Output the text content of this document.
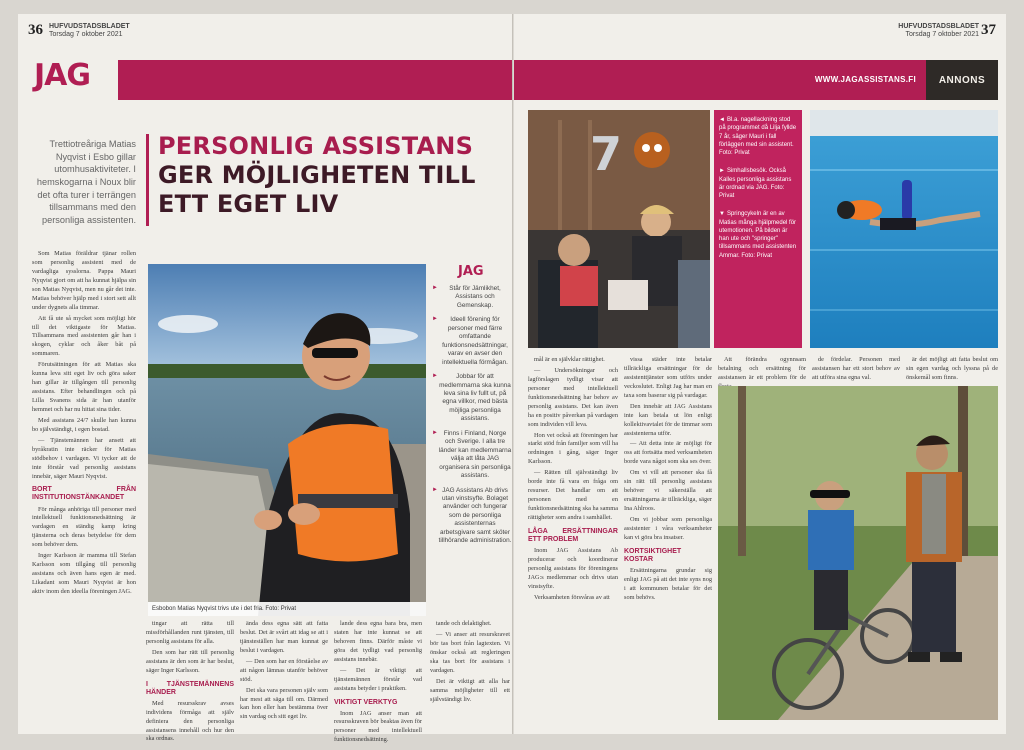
36 HUFVUDSTADSBLADET
Torsdag 7 oktober 2021
JAG
Trettiotreåriga Matias Nyqvist i Esbo gillar utomhusaktiviteter. I hemskogarna i Noux blir det ofta turer i terrängen tillsammans med den personliga assistenten.
PERSONLIG ASSISTANS
GER MÖJLIGHETEN TILL
ETT EGET LIV

Som Matias föräldrar tjänar rollen som personlig assistent med de vardagliga sysslorna. Pappa Mauri Nyqvist gjort om att ha kunnat hjälpa sin son Matias Nyqvist, men nu går det inte. Matias behöver hjälp med i stort sett allt under dygnets alla timmar.

Att få ute så mycket som möjligt hör till det viktigaste för Matias. Tillsammans med assistenten går han i skogen, cyklar och åker båt på sommaren.

Förutsättningen för att Matias ska kunna leva sitt eget liv och göra saker han gillar är tillgången till personlig assistans. Efter behandlingen och på Lilla Svanens sida är han utanför hemmet och har nu hittat sina tider.

Med assistans 24/7 skulle han kunna bo självständigt, i egen bostad.

— Tjänstemännen har ansett att byråkratin inte räcker för Matias stödbehov i vardagen. Vi tycker att de inte förstår vad personlig assistans innebär, säger Mauri Nyqvist.

BORT FRÅN INSTITUTIONSTÄNKANDET

För många anhöriga till personer med intellektuell funktionsnedsättning är vardagen en ständig kamp kring tjänsterna och deras betydelse för dem som behöver dem.

Inger Karlsson är mamma till Stefan Karlsson som tillgång till personlig assistans och även hans egen är med. Likadant som Mauri Nyqvist är hon aktiv inom den ideella föreningen JAG.

Esbobon Matias Nyqvist trivs ute i det fria. Foto: Privat
JAG
► Står för Jämlikhet, Assistans och Gemenskap.
► Ideell förening för personer med färre omfattande funktionsnedsättningar, varav en avser den intellektuella förmågan.
►	Jobbar för att medlemmarna ska kunna leva sina liv fullt ut, på egna villkor, med bästa möjliga personliga assistans.
► Finns i Finland, Norge och Sverige. I alla tre länder kan medlemmarna välja att låta JAG organisera sin personliga assistans.
► JAG Assistans Ab drivs utan vinstsyfte. Bolaget använder och fungerar som de personliga assistenternas arbetsgivare samt sköter tillhörande administration.

tingar att rätta till missförhållanden runt tjänsten, till personlig assistans för alla.

Den som har rätt till personlig assistans är den som är har beslut, säger Inger Karlsson.

I TJÄNSTEMÄNNENS HÄNDER

Med resursskrav avses individens förmåga att själv definiera den personliga assistansens innehåll och hur den ska ordnas.

ända dess egna sätt att fatta beslut. Det är svårt att idag se att i tjänsteställen har man kunnat ge beslut i vardagen.

— Den som har en förståelse av att någon lämnas utanför behöver stöd.

Det ska vara personen själv som har mest att säga till om. Därmed kan hon eller han bestämma över sin vardag och sitt eget liv.

lande dess egna bara bra, men staten har inte kunnat se att behoven finns. Därför måste vi göra det tydligt vad personlig assistans innebär.

— Det är viktigt att tjänstemännen förstår vad assistans betyder i praktiken.

VIKTIGT VERKTYG

Inom JAG anser man att resursskraven bör beaktas även för personer med intellektuell funktionsnedsättning.

tande och delaktighet.

— Vi anser att resurskravet bör tas bort från lagtexten. Vi önskar också att regleringen ska tas bort för assistans i vardagen.

Det är viktigt att alla har samma möjligheter till ett självständigt liv.

HUFVUDSTADSBLADET
Torsdag 7 oktober 2021 37
WWW.JAGASSISTANS.FI	ANNONS
7
◄ Bl.a. nagellackning stod på programmet då Lilja fyllde 7 år, säger Mauri i fall förläggen med sin assistent. Foto: Privat
► Simhallsbesök. Också Kalles personliga assistans är ordnad via JAG. Foto: Privat
▼ Springcykeln är en av Matias många hjälpmedel för utemotionen. På bilden är han ute och "springer" tillsammans med assistenten Ammar. Foto: Privat

mål är en självklar rättighet.

— Undersökningar och lagförslagen tydligt visar att personer med intellektuell funktionsnedsättning har behov av personlig assistans. Det kan även ha en positiv påverkan på vardagen som individen vill leva.

Hon vet också att föreningen har starkt stöd från familjer som vill ha ordningen i gång, säger Inger Karlsson.

— Rätten till självständigt liv borde inte få vara en fråga om resurser. Det handlar om att personen med en funktionsnedsättning ska ha samma rättigheter som andra i samhället.

LÅGA ERSÄTTNINGAR ETT PROBLEM

Inom JAG Assistans Ab producerar och koordinerar personlig assistans för föreningens JAG:s medlemmar och drivs utan vinstsyfte.

Verksamheten försvåras av att

vissa städer inte betalar tillräckliga ersättningar för de assistenttjänster som utförs under veckoslutet. Enligt Jag har man en taxa som baserar sig på vardagar.

Den innebär att JAG Assistans inte kan betala ut lön enligt kollektivavtalet för de timmar som assistenterna utför.

— Att detta inte är möjligt för oss att fortsätta med verksamheten borde vara något som ska ses över.

Om vi vill att personer ska få sin rätt till personlig assistans behöver vi säkerställa att ersättningarna är tillräckliga, säger Ina Ahlroos.

Om vi jobbar som personliga assistenter i våra verksamheter kan vi göra bra insatser.

KORTSIKTIGHET KOSTAR

Ersättningarna grundar sig enligt JAG på att det inte syns nog i att kommunen betalar för det som behövs.

Att förändra ogynnsam betalning och ersättning för assistansen är ett problem för de

de fördelar. Personen med assistansen har ett stort behov av att utföra sina egna val.

är det möjligt att fatta beslut om sin egen vardag och lyssna på de önskemål som finns.
